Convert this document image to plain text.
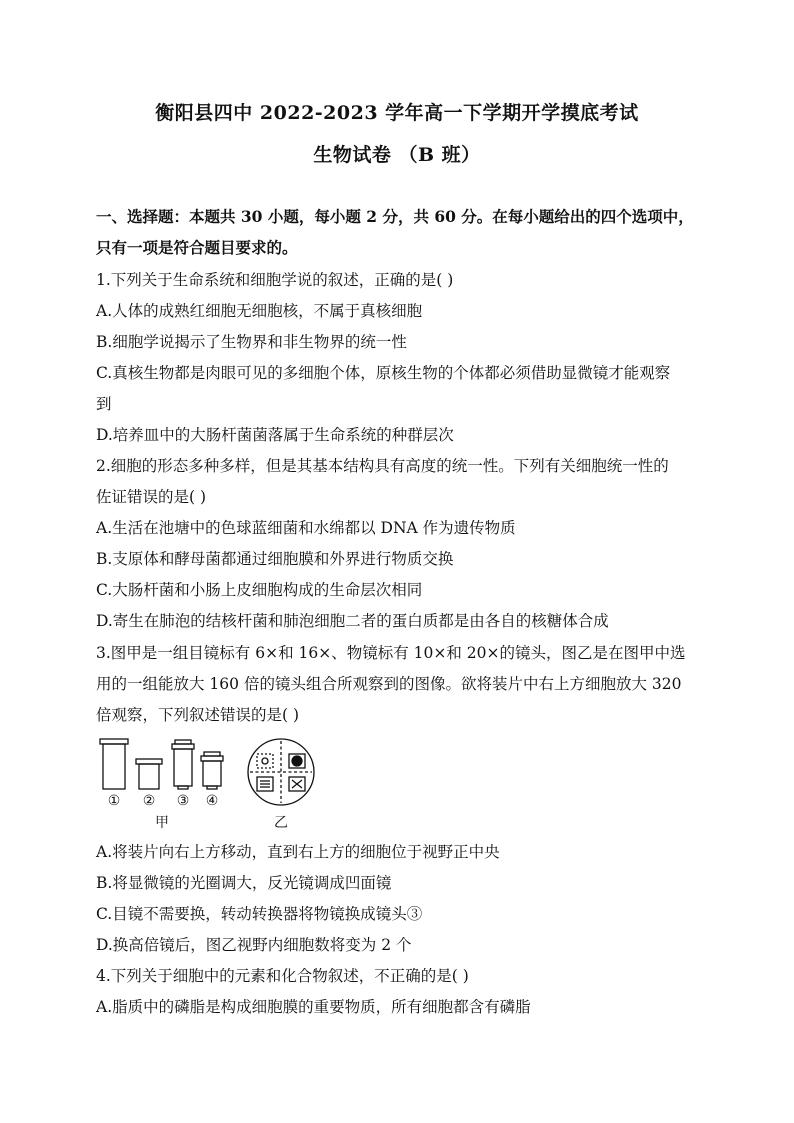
衡阳县四中 2022-2023 学年高一下学期开学摸底考试
生物试卷 （B 班）
一、选择题：本题共 30 小题，每小题 2 分，共 60 分。在每小题给出的四个选项中，
只有一项是符合题目要求的。
1.下列关于生命系统和细胞学说的叙述，正确的是( )
A.人体的成熟红细胞无细胞核，不属于真核细胞
B.细胞学说揭示了生物界和非生物界的统一性
C.真核生物都是肉眼可见的多细胞个体，原核生物的个体都必须借助显微镜才能观察
到
D.培养皿中的大肠杆菌菌落属于生命系统的种群层次
2.细胞的形态多种多样，但是其基本结构具有高度的统一性。下列有关细胞统一性的
佐证错误的是( )
A.生活在池塘中的色球蓝细菌和水绵都以 DNA 作为遗传物质
B.支原体和酵母菌都通过细胞膜和外界进行物质交换
C.大肠杆菌和小肠上皮细胞构成的生命层次相同
D.寄生在肺泡的结核杆菌和肺泡细胞二者的蛋白质都是由各自的核糖体合成
3.图甲是一组目镜标有 6×和 16×、物镜标有 10×和 20×的镜头，图乙是在图甲中选
用的一组能放大 160 倍的镜头组合所观察到的图像。欲将装片中右上方细胞放大 320
倍观察，下列叙述错误的是( )
① ② ③ ④
甲	乙
A.将装片向右上方移动，直到右上方的细胞位于视野正中央
B.将显微镜的光圈调大，反光镜调成凹面镜
C.目镜不需要换，转动转换器将物镜换成镜头③
D.换高倍镜后，图乙视野内细胞数将变为 2 个
4.下列关于细胞中的元素和化合物叙述，不正确的是( )
A.脂质中的磷脂是构成细胞膜的重要物质，所有细胞都含有磷脂
